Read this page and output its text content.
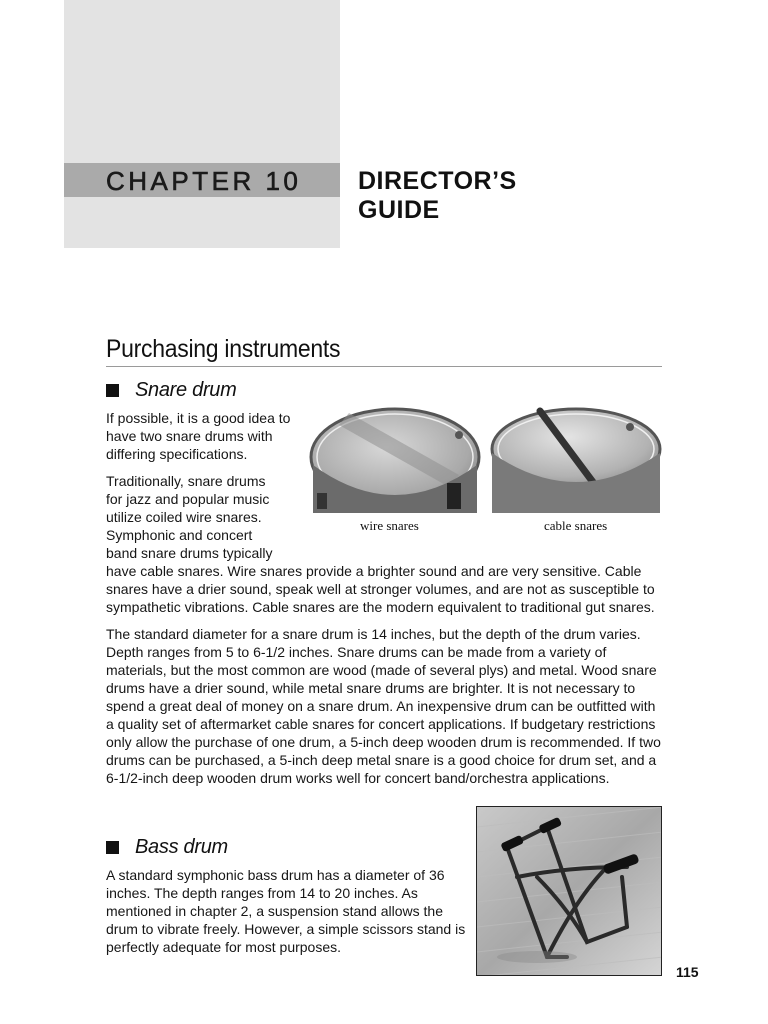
CHAPTER 10 DIRECTOR’S
GUIDE
Purchasing instruments
Snare drum

If possible, it is a good idea to have two snare drums with differing specifications.

Traditionally, snare drums
for jazz and popular music
utilize coiled wire snares.
Symphonic and concert
band snare drums typically

have cable snares. Wire snares provide a brighter sound and are very sensitive. Cable snares have a drier sound, speak well at stronger volumes, and are not as susceptible to sympathetic vibrations. Cable snares are the modern equivalent to traditional gut snares.

wire snares	cable snares

The standard diameter for a snare drum is 14 inches, but the depth of the drum varies. Depth ranges from 5 to 6-1/2 inches. Snare drums can be made from a variety of materials, but the most common are wood (made of several plys) and metal. Wood snare drums have a drier sound, while metal snare drums are brighter. It is not necessary to spend a great deal of money on a snare drum. An inexpensive drum can be outfitted with a quality set of aftermarket cable snares for concert applications. If budgetary restrictions only allow the purchase of one drum, a 5-inch deep wooden drum is recommended. If two drums can be purchased, a 5-inch deep metal snare is a good choice for drum set, and a 6-1/2-inch deep wooden drum works well for concert band/orchestra applications.

Bass drum

A standard symphonic bass drum has a diameter of 36 inches. The depth ranges from 14 to 20 inches. As mentioned in chapter 2, a suspension stand allows the drum to vibrate freely. However, a simple scissors stand is perfectly adequate for most purposes.

115
